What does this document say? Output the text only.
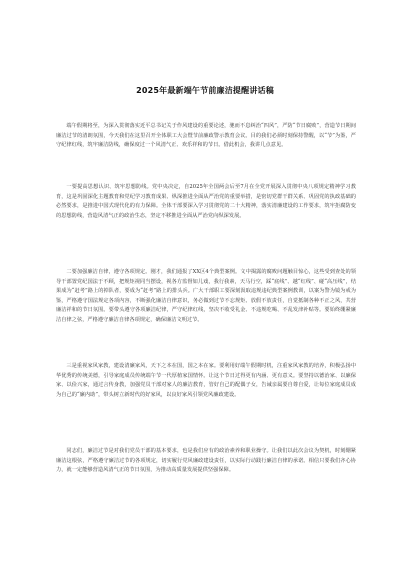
2025年最新端午节前廉洁提醒讲话稿

端午假期将至，为深入贯彻落实近平总书记关于作风建设的重要论述，驰而不息纠治“四风”，严防“节日腐败”，营造节日期间廉洁过节的清朗氛围，今天我们在这里召开全体职工大会暨节前廉政警示教育会议。目的我们必须时刻保持警醒，以“节”为鉴，严守纪律红线，筑牢廉洁防线，确保度过一个风清气正、欢乐祥和的节日。借此机会，我讲几点意见。

一要提高思想认识、筑牢思想防线。党中央决定，自2025年全国两会后至7月在全党开展深入贯彻中央八项规定精神学习教育，这是巩固深化主题教育和党纪学习教育成果、纵深推进全面从严治党的重要举措，是密切党群干群关系、巩固党的执政基础的必然要求，是推进中国式现代化的有力保障。全体干部要深入学习贯彻党的二十大精神，落实清廉建设的工作要求，筑牢拒腐防变的思想防线，营造风清气正的政治生态，坚定不移推进全面从严治党向纵深发展。

二要加强廉洁自律，遵守各项规定。刚才，我们通报了XX区4个典型案例。文中揭露的腐败问题触目惊心，这些受到查处的领导干部置党纪国法于不顾，把规矩视同当摆设，视各方监督如儿戏，我行我素，天马行空，踩“底线”、越“红线”、碰“高压线”，结果成为“赶考”路上的掉队者，要成为“赶考”路上的排头兵。广大干部职工要深刻汲取违规违纪典型案例教训，以案为警为镜为戒为鉴，严格遵守国法规定各项内容，不断强化廉洁自律意识，务必做到过节不忘规矩、放假不放责任，自觉抵制各种不正之风，共营廉洁祥和的节日氛围。要带头遵守各项廉洁纪律，严守纪律红线，坚决不收受礼金、不违规吃喝、不乱发津补贴等。要始终绷紧廉洁自律之弦，严格遵守廉洁自律各项规定，确保廉洁文明过节。

三是重视家风家教，建设清廉家风，天下之本在国，国之本在家。要利用好端午假期时机，注重家风家教的培养，积极弘扬中华优秀的传统美德，引导家庭成员传统端午节一代厚植家国情怀。让这个节日过得更有内涵、更有意义。要坚持以德治家、以廉保家、以俭兴家，通过言传身教，加强党员干部对家人的廉洁教育，管好自己的配偶子女，告诫亲属要自尊自爱，让每位家庭成员成为自己的“廉内助”，带头树立新时代的好家风，以良好家风引领党风廉政建设。

同志们，廉洁过节是对我们党员干部的基本要求，也是我们应有的政治素养和职业操守。让我们以此次会议为契机，时刻绷紧廉洁这根弦，严格遵守廉洁过节的各项规定，切实履行党风廉政建设责任，以实际行动践行廉洁自律的承诺。相信只要我们齐心协力，就一定能够营造风清气正的节日氛围，为推动高质量发展提供坚强保障。
